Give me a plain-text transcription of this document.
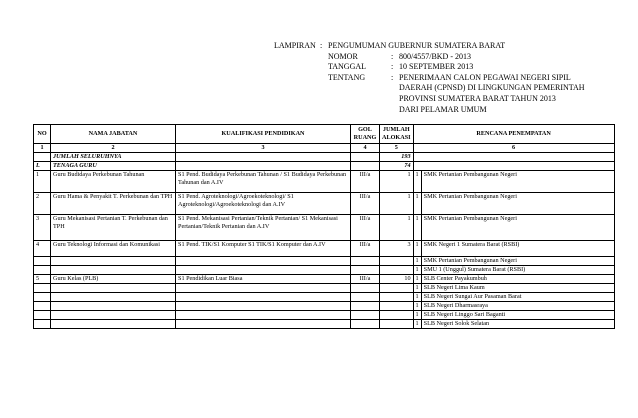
LAMPIRAN	:	PENGUMUMAN GUBERNUR SUMATERA BARAT		
		NOMOR	:	800/4557/BKD - 2013
		TANGGAL	:	10 SEPTEMBER 2013
		TENTANG	:	PENERIMAAN CALON PEGAWAI NEGERI SIPIL
				DAERAH (CPNSD) DI LINGKUNGAN PEMERINTAH
				PROVINSI SUMATERA BARAT TAHUN 2013
				DARI PELAMAR UMUM
NO	NAMA JABATAN	KUALIFIKASI PENDIDIKAN	GOL RUANG	JUMLAH ALOKASI	RENCANA PENEMPATAN	
1	2	3	4	5	6	
	JUMLAH SELURUHNYA			193		
I.	TENAGA GURU			74		
1	Guru Budidaya Perkebunan Tahunan	S1 Pend. Budidaya Perkebunan Tahunan / S1 Budidaya Perkebunan Tahunan dan A.IV	III/a	1	1	SMK Pertanian Pembangunan Negeri
2	Guru Hama & Penyakit T. Perkebunan dan TPH	S1 Pend. Agroteknologi/Agroekoteknologi/ S1 Agroteknologi/Agroekoteknologi dan A.IV	III/a	1	1	SMK Pertanian Pembangunan Negeri
3	Guru Mekanisasi Pertanian T. Perkebunan dan TPH	S1 Pend. Mekanisasi Pertanian/Teknik Pertanian/ S1 Mekanisasi Pertanian/Teknik Pertanian dan A.IV	III/a	1	1	SMK Pertanian Pembangunan Negeri
4	Guru Teknologi Informasi dan Komunikasi	S1 Pend. TIK/S1 Komputer S1 TIK/S1 Komputer dan A.IV	III/a	3	1	SMK Negeri 1 Sumatera Barat (RSBI)
					1	SMK Pertanian Pembangunan Negeri
					1	SMU 1 (Unggul) Sumatera Barat (RSBI)
5	Guru Kelas (PLB)	S1 Pendidikan Luar Biasa	III/a	10	1	SLB Center Payakumbuh
					1	SLB Negeri Lima Kaum
					1	SLB Negeri Sungai Aur Pasaman Barat
					1	SLB Negeri Dharmasraya
					1	SLB Negeri Linggo Sari Baganti
					1	SLB Negeri Solok Selatan
